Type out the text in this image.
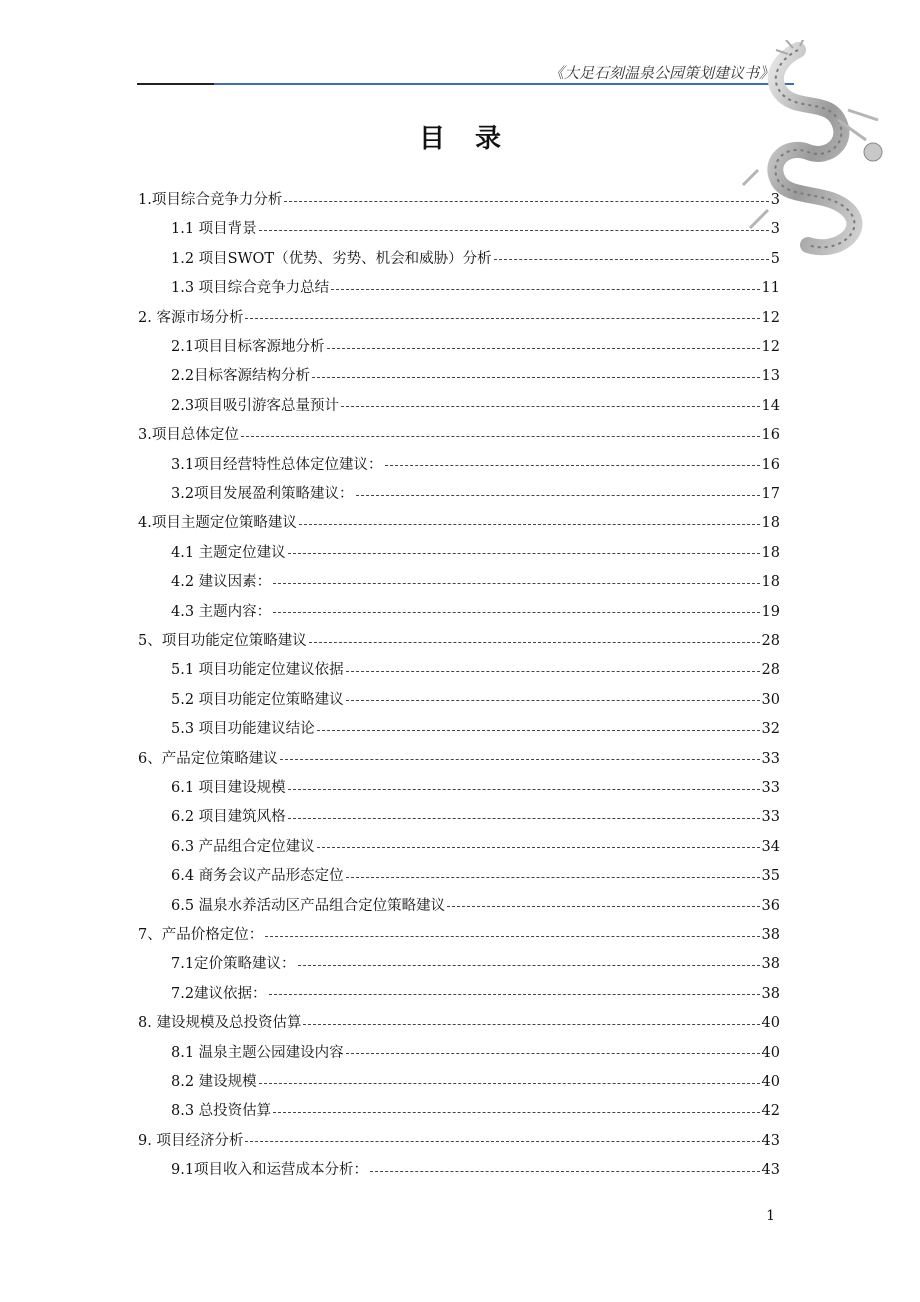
《大足石刻温泉公园策划建议书》
目录
1.项目综合竞争力分析	3
1.1 项目背景	3
1.2 项目SWOT（优势、劣势、机会和威胁）分析	5
1.3 项目综合竞争力总结	11
2. 客源市场分析	12
2.1项目目标客源地分析	12
2.2目标客源结构分析	13
2.3项目吸引游客总量预计	14
3.项目总体定位	16
3.1项目经营特性总体定位建议：	16
3.2项目发展盈利策略建议：	17
4.项目主题定位策略建议	18
4.1 主题定位建议	18
4.2 建议因素：	18
4.3 主题内容：	19
5、项目功能定位策略建议	28
5.1 项目功能定位建议依据	28
5.2 项目功能定位策略建议	30
5.3 项目功能建议结论	32
6、产品定位策略建议	33
6.1 项目建设规模	33
6.2 项目建筑风格	33
6.3 产品组合定位建议	34
6.4 商务会议产品形态定位	35
6.5 温泉水养活动区产品组合定位策略建议	36
7、产品价格定位：	38
7.1定价策略建议：	38
7.2建议依据：	38
8. 建设规模及总投资估算	40
8.1 温泉主题公园建设内容	40
8.2 建设规模	40
8.3 总投资估算	42
9. 项目经济分析	43
9.1项目收入和运营成本分析：	43
1
